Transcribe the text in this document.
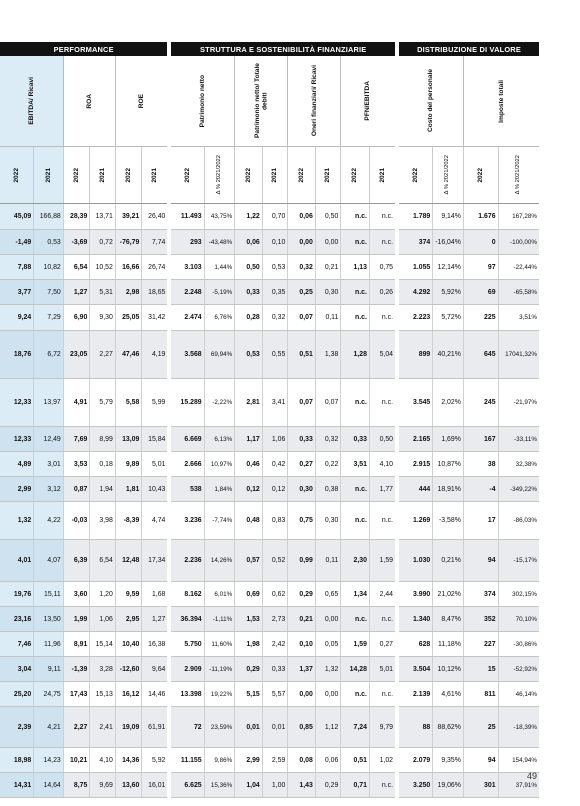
PERFORMANCE							STRUTTURA E SOSTENIBILITÀ FINANZIARIE									DISTRIBUZIONE DI VALORE			

EBITDA/ Ricavi		ROA		ROE			Patrimonio netto		Patrimonio netto/ Totale debiti		Oneri finanziari/ Ricavi		PFN/EBITDA			Costo del personale		Imposte totali	

2022	2021	2022	2021	2022	2021		2022	Δ % 2021/2022	2022	2021	2022	2021	2022	2021		2022	Δ % 2021/2022	2022	Δ % 2021/2022

45,09	166,88	28,39	13,71	39,21	26,40		11.493	43,75%	1,22	0,70	0,06	0,50	n.c.	n.c.		1.789	9,14%	1.676	167,28%
-1,49	0,53	-3,69	0,72	-76,79	7,74		293	-43,48%	0,06	0,10	0,00	0,00	n.c.	n.c.		374	-16,04%	0	-100,00%
7,88	10,82	6,54	10,52	16,66	26,74		3.103	1,44%	0,50	0,53	0,32	0,21	1,13	0,75		1.055	12,14%	97	-22,44%
3,77	7,50	1,27	5,31	2,98	18,65		2.248	-5,19%	0,33	0,35	0,25	0,30	n.c.	0,26		4.292	5,92%	69	-65,58%
9,24	7,29	6,90	9,30	25,05	31,42		2.474	6,76%	0,28	0,32	0,07	0,11	n.c.	n.c.		2.223	5,72%	225	3,51%
18,76	6,72	23,05	2,27	47,46	4,19		3.568	69,94%	0,53	0,55	0,51	1,38	1,28	5,04		899	40,21%	645	17041,32%
12,33	13,97	4,91	5,79	5,58	5,99		15.289	-2,22%	2,81	3,41	0,07	0,07	n.c.	n.c.		3.545	2,02%	245	-21,97%
12,33	12,49	7,69	8,99	13,09	15,84		6.669	6,13%	1,17	1,06	0,33	0,32	0,33	0,50		2.165	1,69%	167	-33,11%
4,89	3,01	3,53	0,18	9,89	5,01		2.666	10,97%	0,46	0,42	0,27	0,22	3,51	4,10		2.915	10,87%	38	32,38%
2,99	3,12	0,87	1,94	1,81	10,43		538	1,84%	0,12	0,12	0,30	0,38	n.c.	1,77		444	18,91%	-4	-349,22%
1,32	4,22	-0,03	3,98	-8,39	4,74		3.236	-7,74%	0,48	0,83	0,75	0,30	n.c.	n.c.		1.269	-3,58%	17	-86,03%
4,01	4,07	6,39	6,54	12,48	17,34		2.236	14,26%	0,57	0,52	0,99	0,11	2,30	1,59		1.030	0,21%	94	-15,17%
19,76	15,11	3,60	1,20	9,59	1,68		8.162	6,01%	0,69	0,62	0,29	0,65	1,34	2,44		3.990	21,02%	374	302,15%
23,16	13,50	1,99	1,06	2,95	1,27		36.394	-1,11%	1,53	2,73	0,21	0,00	n.c.	n.c.		1.340	8,47%	352	70,10%
7,46	11,96	8,91	15,14	10,40	16,38		5.750	11,60%	1,98	2,42	0,10	0,05	1,59	0,27		628	11,18%	227	-30,86%
3,04	9,11	-1,39	3,28	-12,60	9,64		2.909	-11,19%	0,29	0,33	1,37	1,32	14,28	5,01		3.504	10,12%	15	-52,92%
25,20	24,75	17,43	15,13	16,12	14,46		13.398	19,22%	5,15	5,57	0,00	0,00	n.c.	n.c.		2.139	4,61%	811	46,14%
2,39	4,21	2,27	2,41	19,09	61,91		72	23,59%	0,01	0,01	0,85	1,12	7,24	9,79		88	88,62%	25	-18,39%
18,98	14,23	10,21	4,10	14,36	5,92		11.155	9,86%	2,99	2,59	0,08	0,06	0,51	1,02		2.079	9,35%	94	154,94%
14,31	14,64	8,75	9,69	13,60	16,01		6.625	15,36%	1,04	1,00	1,43	0,29	0,71	n.c.		3.250	19,06%	301	37,91%
49
